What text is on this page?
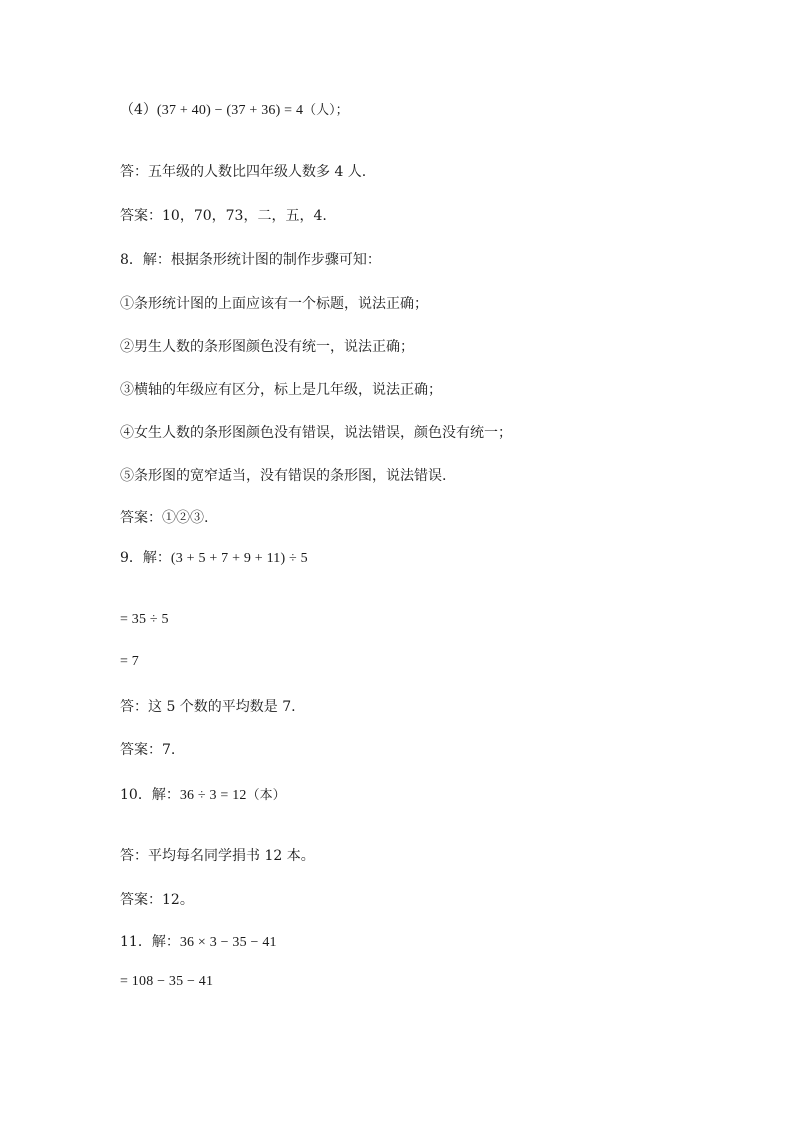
（4）(37 + 40) − (37 + 36) = 4（人）；
答：五年级的人数比四年级人数多 4 人.
答案：10，70，73，二，五，4.
8．解：根据条形统计图的制作步骤可知：
①条形统计图的上面应该有一个标题，说法正确；
②男生人数的条形图颜色没有统一，说法正确；
③横轴的年级应有区分，标上是几年级，说法正确；
④女生人数的条形图颜色没有错误，说法错误，颜色没有统一；
⑤条形图的宽窄适当，没有错误的条形图，说法错误.
答案：①②③.
9．解：(3 + 5 + 7 + 9 + 11) ÷ 5
= 35 ÷ 5
= 7
答：这 5 个数的平均数是 7.
答案：7.
10．解：36 ÷ 3 = 12（本）
答：平均每名同学捐书 12 本。
答案：12。
11．解：36 × 3 − 35 − 41
= 108 − 35 − 41
